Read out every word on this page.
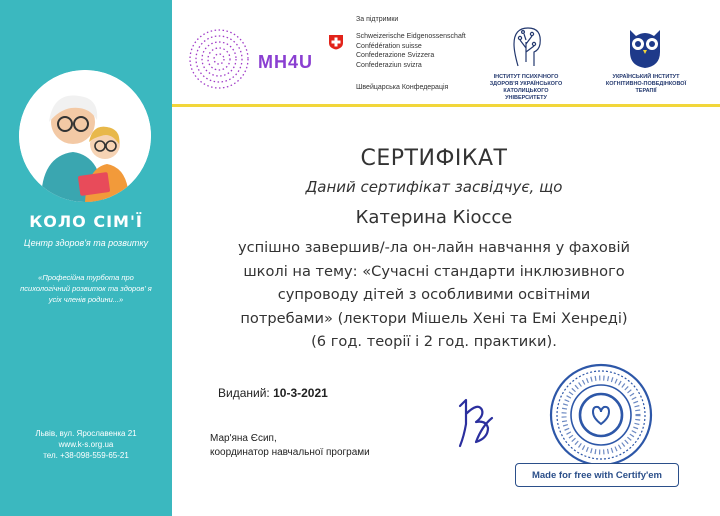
КОЛО СІМ'Ї
Центр здоров'я та розвитку
«Професійна турбота про психологічний розвиток та здоров' я усіх членів родини...»
Львів, вул. Ярославенка 21
www.k-s.org.ua
тел. +38-098-559-65-21
За підтримки
MH4U
Schweizerische Eidgenossenschaft
Confédération suisse
Confederazione Svizzera
Confederaziun svizra
Швейцарська Конфедерація
ІНСТИТУТ ПСИХІЧНОГО ЗДОРОВ'Я УКРАЇНСЬКОГО КАТОЛИЦЬКОГО УНІВЕРСИТЕТУ
УКРАЇНСЬКИЙ ІНСТИТУТ КОГНІТИВНО-ПОВЕДІНКОВОЇ ТЕРАПІЇ
СЕРТИФІКАТ
Даний сертифікат засвідчує, що
Катерина Кіоссе
успішно завершив/-ла он-лайн навчання у фаховій
школі на тему: «Сучасні стандарти інклюзивного
супроводу дітей з особливими освітніми
потребами» (лектори Мішель Хені та Емі Хенреді)
(6 год. теорії і 2 год. практики).
Виданий: 10-3-2021
Мар'яна Єсип,
координатор навчальної програми
Made for free with Certify'em
